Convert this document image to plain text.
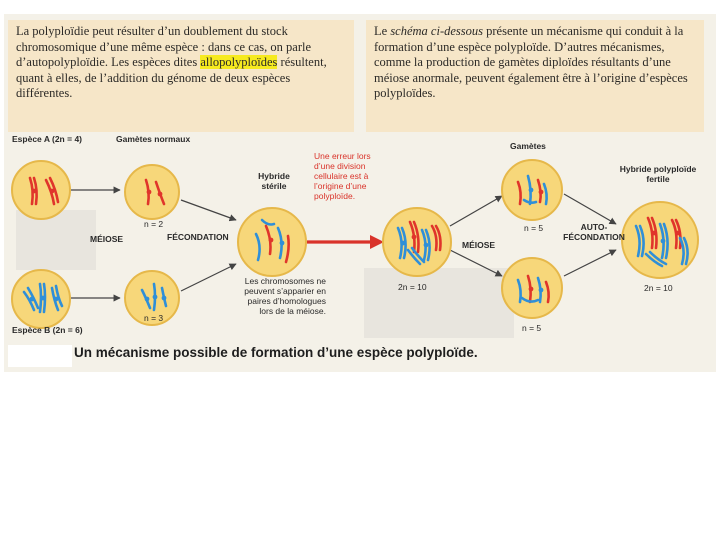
La polyploïdie peut résulter d’un doublement du stock chromosomique d’une même espèce : dans ce cas, on parle d’autopolyploïdie. Les espèces dites allopolyploïdes résultent, quant à elles, de l’addition du génome de deux espèces différentes.
Le schéma ci-dessous présente un mécanisme qui conduit à la formation d’une espèce polyploïde. D’autres mécanismes, comme la production de gamètes diploïdes résultants d’une méiose anormale, peuvent également être à l’origine d’espèces polyploïdes.
Espèce A (2n = 4)	Gamètes normaux
n = 2
MÉIOSE	FÉCONDATION
n = 3
Espèce B (2n = 6)
Hybride
stérile
Les chromosomes ne
peuvent s’apparier en
paires d’homologues
lors de la méiose.
Une erreur lors
d’une division
cellulaire est à
l’origine d’une
polyploïde.
2n = 10
MÉIOSE
Gamètes
n = 5
n = 5
AUTO-
FÉCONDATION
Hybride polyploïde
fertile
2n = 10
Un mécanisme possible de formation d’une espèce polyploïde.
